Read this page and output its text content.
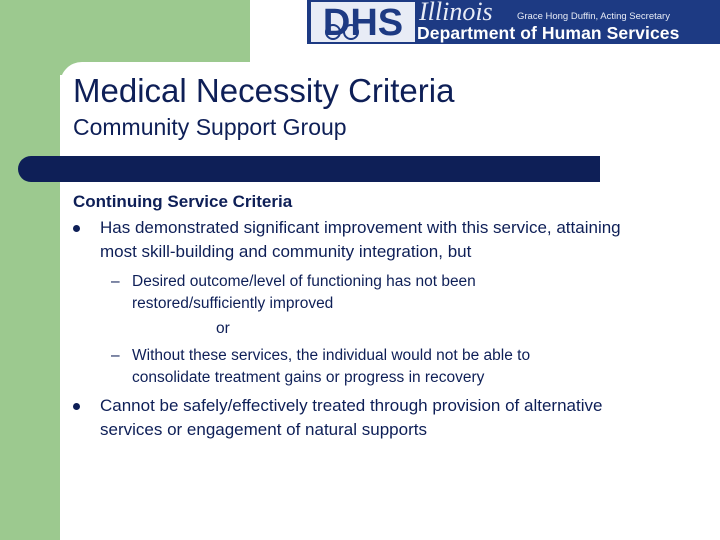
DHS Illinois	Grace Hong Duffin, Acting Secretary
Department of Human Services
Medical Necessity Criteria
Community Support Group
Continuing Service Criteria
Has demonstrated significant improvement with this service, attaining most skill-building and community integration, but
– Desired outcome/level of functioning has not been restored/sufficiently improved
or
– Without these services, the individual would not be able to consolidate treatment gains or progress in recovery
Cannot be safely/effectively treated through provision of alternative services or engagement of natural supports
